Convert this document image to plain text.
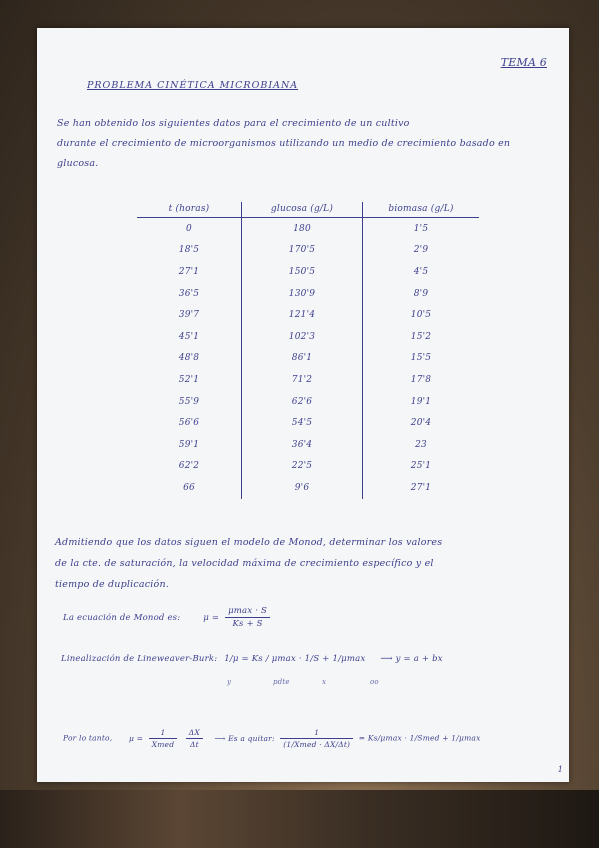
TEMA 6
PROBLEMA CINÉTICA MICROBIANA
Se han obtenido los siguientes datos para el crecimiento de un cultivo
durante el crecimiento de microorganismos utilizando un medio de crecimiento basado en
glucosa.
t (horas)	glucosa (g/L)	biomasa (g/L)
0	180	1'5
18'5	170'5	2'9
27'1	150'5	4'5
36'5	130'9	8'9
39'7	121'4	10'5
45'1	102'3	15'2
48'8	86'1	15'5
52'1	71'2	17'8
55'9	62'6	19'1
56'6	54'5	20'4
59'1	36'4	23
62'2	22'5	25'1
66	9'6	27'1
Admitiendo que los datos siguen el modelo de Monod, determinar los valores
de la cte. de saturación, la velocidad máxima de crecimiento específico y el
tiempo de duplicación.
La ecuación de Monod es:	$\mu = \frac{\mu\max \cdot S}{Ks + S}$
Linealización de Lineweaver-Burk: 1/μ = Ks / μmax · 1/S + 1/μmax ⟶ y = a + bx
y	pdte	x	oo
Por lo tanto, $\mu = \frac{1}{\text{Xmed}}$
$\frac{\Delta X}{\Delta t}$ ⟶ Es a quitar: $\frac{1}{\text{(1/Xmed · ΔX/Δt)}} = Ks/\mu\max$ · 1/Smed + 1/μmax
1
